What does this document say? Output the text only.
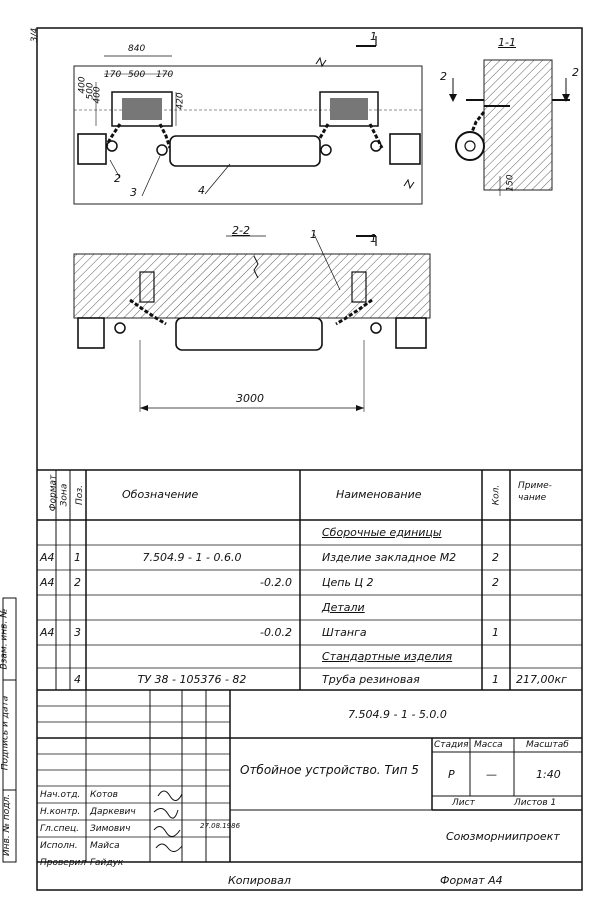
3/4
840
170 500 170
420
400
500
400
1
1
2
3	4
1
1-1
2	2
150
2-2
3000
Формат Зона Поз.	Обозначение	Наименование	Кол. Приме-чание
Сборочные единицы
А4 1	7.504.9 - 1 - 0.6.0	Изделие закладное М2	2
А4 2	-0.2.0	Цепь Ц 2	2
Детали
А4 3	-0.0.2	Штанга	1
Стандартные изделия
4	ТУ 38 - 105376 - 82	Труба резиновая	1 217,00кг
Взам. инв. №
Подпись и дата
Инв. № подл.
7.504.9 - 1 - 5.0.0
Отбойное устройство. Тип 5
Стадия Масса	Масштаб
Р	—	1:40
Лист	Листов 1
Союзморниипроект
27.08.1986
Нач.отд. Котов
Н.контр. Даркевич
Гл.спец. Зимович
Исполн. Майса
Проверил Гайдук
Копировал	Формат А4
